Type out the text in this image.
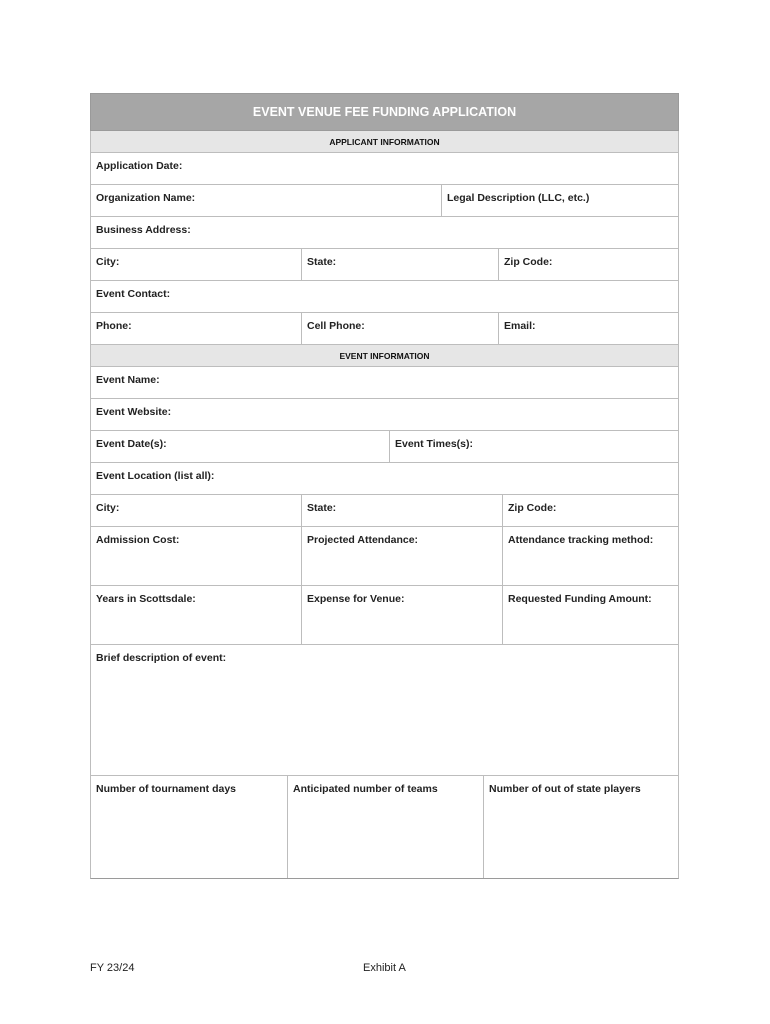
EVENT VENUE FEE FUNDING APPLICATION
APPLICANT INFORMATION
Application Date:
Organization Name:	Legal Description (LLC, etc.)
Business Address:
City:	State:	Zip Code:
Event Contact:
Phone:	Cell Phone:	Email:
EVENT INFORMATION
Event Name:
Event Website:
Event Date(s):	Event Times(s):
Event Location (list all):
City:	State:	Zip Code:
Admission Cost:	Projected Attendance:	Attendance tracking method:
Years in Scottsdale:	Expense for Venue:	Requested Funding Amount:
Brief description of event:
Number of tournament days	Anticipated number of teams	Number of out of state players
FY 23/24	Exhibit A
